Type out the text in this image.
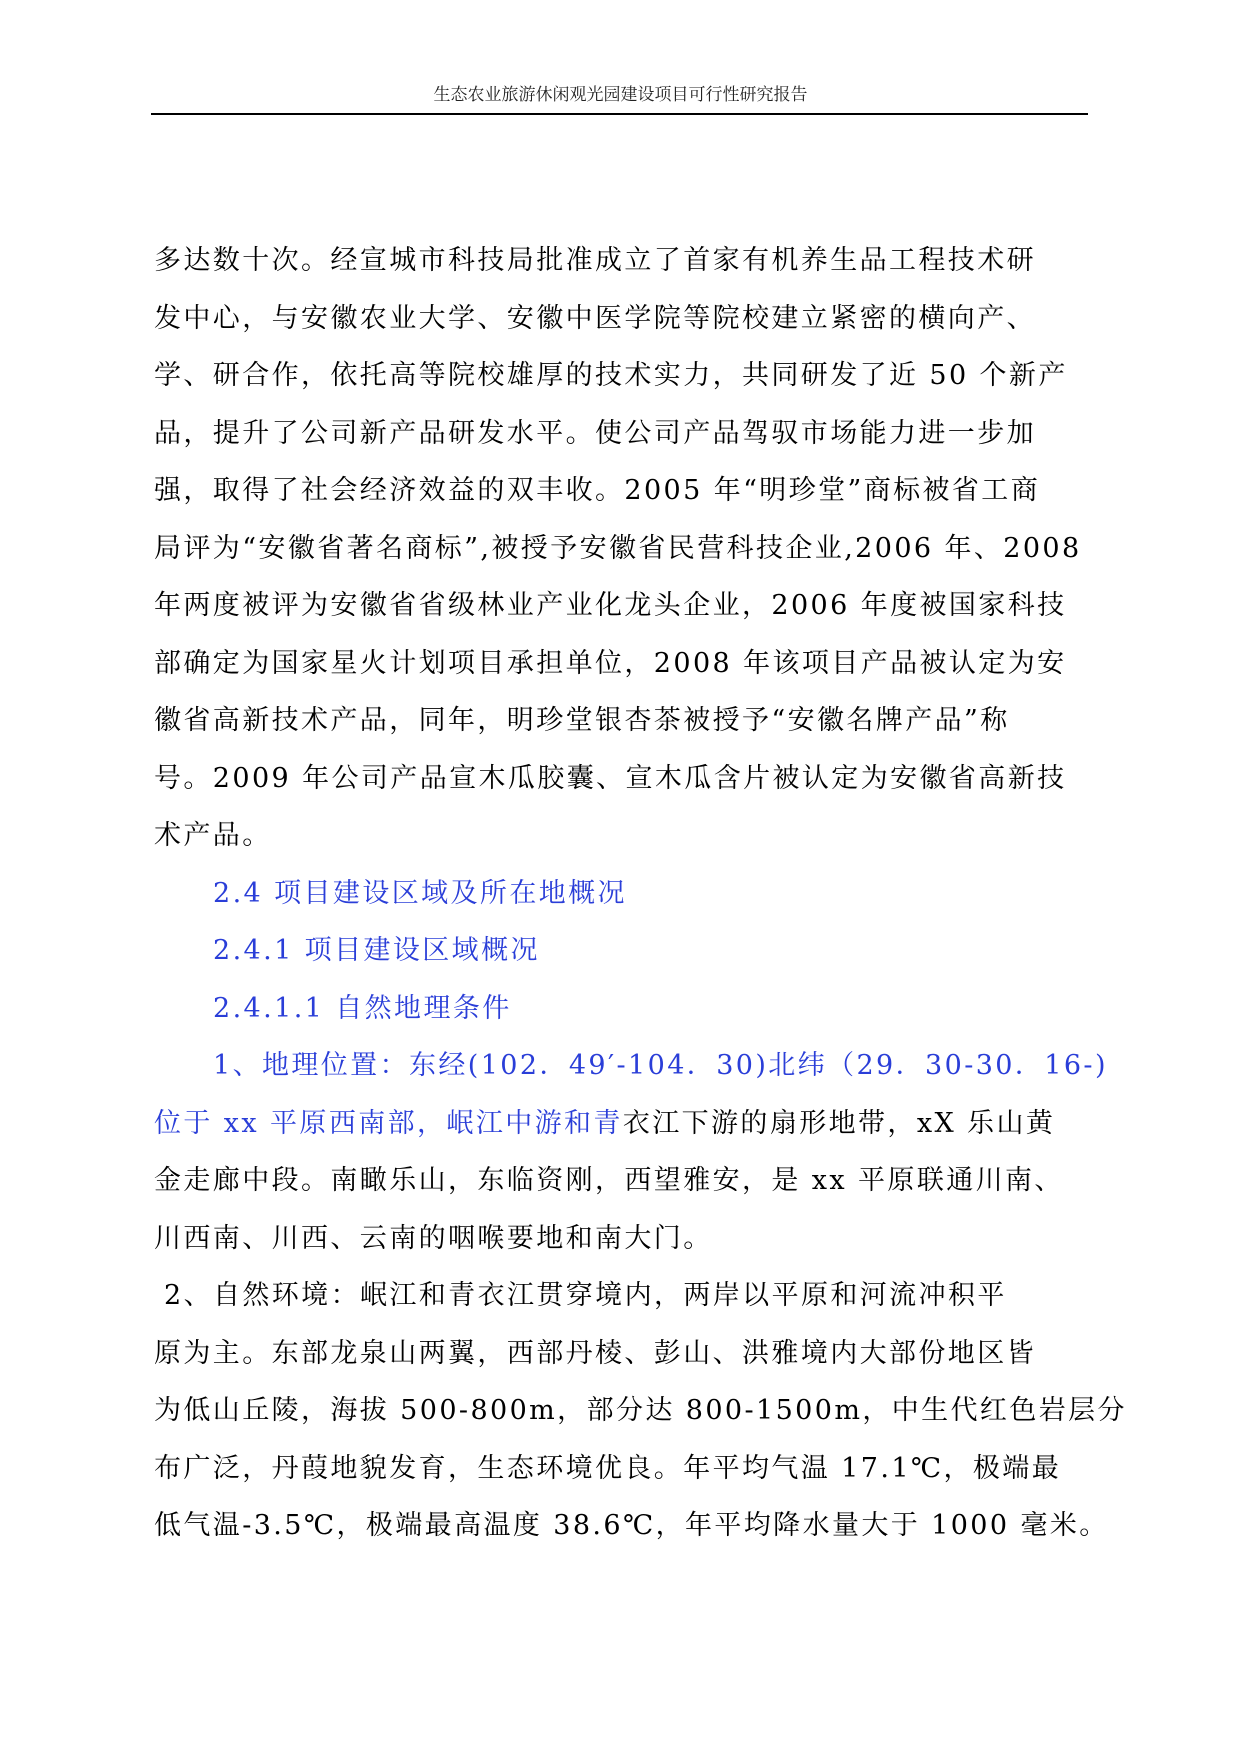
生态农业旅游休闲观光园建设项目可行性研究报告
多达数十次。经宣城市科技局批准成立了首家有机养生品工程技术研
发中心，与安徽农业大学、安徽中医学院等院校建立紧密的横向产、
学、研合作，依托高等院校雄厚的技术实力，共同研发了近 50 个新产
品，提升了公司新产品研发水平。使公司产品驾驭市场能力进一步加
强，取得了社会经济效益的双丰收。2005 年“明珍堂”商标被省工商
局评为“安徽省著名商标”,被授予安徽省民营科技企业,2006 年、2008
年两度被评为安徽省省级林业产业化龙头企业，2006 年度被国家科技
部确定为国家星火计划项目承担单位，2008 年该项目产品被认定为安
徽省高新技术产品，同年，明珍堂银杏茶被授予“安徽名牌产品”称
号。2009 年公司产品宣木瓜胶囊、宣木瓜含片被认定为安徽省高新技
术产品。
2.4 项目建设区域及所在地概况
2.4.1 项目建设区域概况
2.4.1.1 自然地理条件
1、地理位置：东经(102．49′-104．30)北纬（29．30-30．16-)
位于 xx 平原西南部，岷江中游和青衣江下游的扇形地带，xX 乐山黄
金走廊中段。南瞰乐山，东临资刚，西望雅安，是 xx 平原联通川南、
川西南、川西、云南的咽喉要地和南大门。
2、自然环境：岷江和青衣江贯穿境内，两岸以平原和河流冲积平
原为主。东部龙泉山两翼，西部丹棱、彭山、洪雅境内大部份地区皆
为低山丘陵，海拔 500-800m，部分达 800-1500m，中生代红色岩层分
布广泛，丹葭地貌发育，生态环境优良。年平均气温 17.1℃，极端最
低气温-3.5℃，极端最高温度 38.6℃，年平均降水量大于 1000 毫米。
